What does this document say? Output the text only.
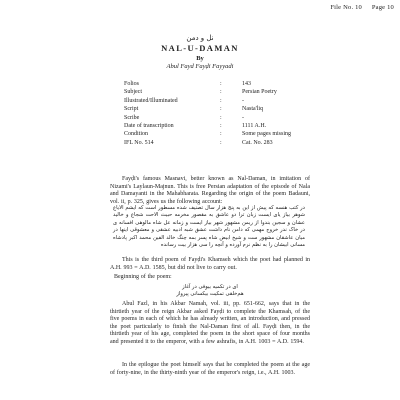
File No. 10 Page 10
نل و دمن
NAL-U-DAMAN
By
Abul Fayd Fayḍi Fayyadi
Folios	:	143
Subject	:	Persian Poetry
Illustrated/Illuminated	:	-
Script	:	Nasta'liq
Scribe	:	-
Date of transcription	:	1111 A.H.
Condition	:	Some pages missing
IFL No. 514	:	Cat. No. 283
Fayḍi's famous Masnavi, better known as Nal-Daman, in imitation of Nizami's Laylaun-Majnun. This is free Persian adaptation of the episode of Nala and Damayanti in the Mahabharata. Regarding the origin of the poem Badauni, vol. ii, p. 325, gives us the following account:
در کتب هنسه که پیش از این به پنج هزار سال تصنیف شده مسطور است که ایشم الایاع شوهر بیاز یای ایست زبان ترا دو عاشق به مقصور مخرمه حبیث الاحت شجاع و خالید عشان و سجین بندوا از ریمن مشهور شهر بیاز ایست و زمانه عل شاه مالوهی افسانه ی در خاک ندر خروج مهمی که دامن نام داشت عشق شبه ادبیه عشقی و معشوقی اینها در میان عاشقان مشهور ست و شیخ ابیض شاه پسر بمه چنگ خالد الفین محمد اکبر پادشاه مسانی ابیشان را به نظم نرم آورده و آنچه را سی هزار بیت رسانده
This is the third poem of Fayḍi's Khamseh which the poet had planned in A.H. 993 = A.D. 1585, but did not live to carry out.
Beginning of the poem:
ای در تکمیه بیوفی در آغاز
هم‌خلقی تمکیت بیکسانی پیرواز
Abul Fazl, in his Akbar Namah, vol. iii, pp. 651-662, says that in the thirtieth year of the reign Akbar asked Fayḍi to complete the Khamsah, of the five poems in each of which he has already written, an introduction, and pressed the poet particularly to finish the Nal-Daman first of all. Fayḍi then, in the thirtieth year of his age, completed the poem in the short space of four months and presented it to the emperor, with a few ashrafis, in A.H. 1003 = A.D. 1594.
In the epilogue the poet himself says that he completed the poem at the age of forty-nine, in the thirty-ninth year of the emperor's reign, i.e., A.H. 1003.
